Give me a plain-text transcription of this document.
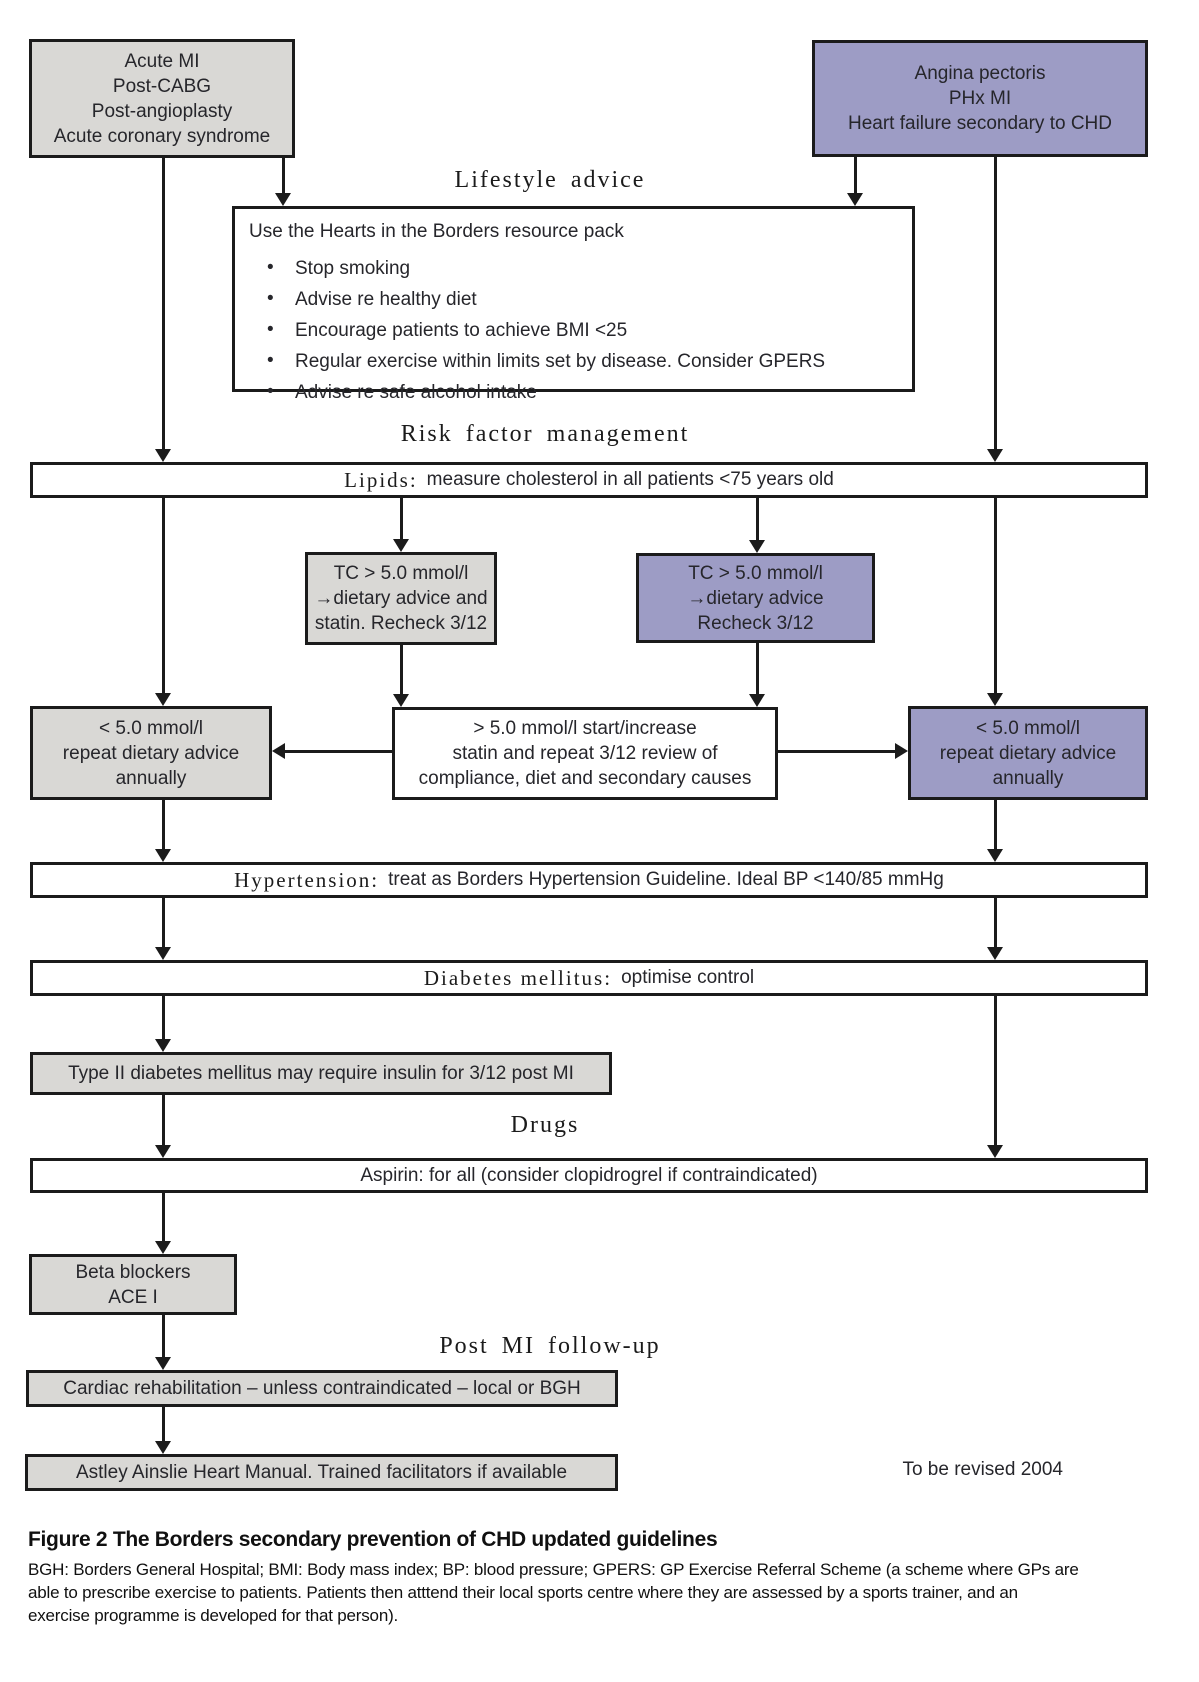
Acute MI
Post-CABG
Post-angioplasty
Acute coronary syndrome
Angina pectoris
PHx MI
Heart failure secondary to CHD
Lifestyle advice
Use the Hearts in the Borders resource pack
• Stop smoking
• Advise re healthy diet
• Encourage patients to achieve BMI <25
• Regular exercise within limits set by disease. Consider GPERS
• Advise re safe alcohol intake
Risk factor management
Lipids: measure cholesterol in all patients <75 years old
TC > 5.0 mmol/l
→dietary advice and
statin. Recheck 3/12
TC > 5.0 mmol/l
→dietary advice
Recheck 3/12
< 5.0 mmol/l
repeat dietary advice
annually
> 5.0 mmol/l start/increase
statin and repeat 3/12 review of
compliance, diet and secondary causes
< 5.0 mmol/l
repeat dietary advice
annually
Hypertension: treat as Borders Hypertension Guideline. Ideal BP <140/85 mmHg
Diabetes mellitus: optimise control
Type II diabetes mellitus may require insulin for 3/12 post MI
Drugs
Aspirin: for all (consider clopidrogrel if contraindicated)
Beta blockers
ACE I
Post MI follow-up
Cardiac rehabilitation – unless contraindicated – local or BGH
Astley Ainslie Heart Manual. Trained facilitators if available	To be revised 2004
Figure 2 The Borders secondary prevention of CHD updated guidelines
BGH: Borders General Hospital; BMI: Body mass index; BP: blood pressure; GPERS: GP Exercise Referral Scheme (a scheme where GPs are
able to prescribe exercise to patients. Patients then atttend their local sports centre where they are assessed by a sports trainer, and an
exercise programme is developed for that person).
